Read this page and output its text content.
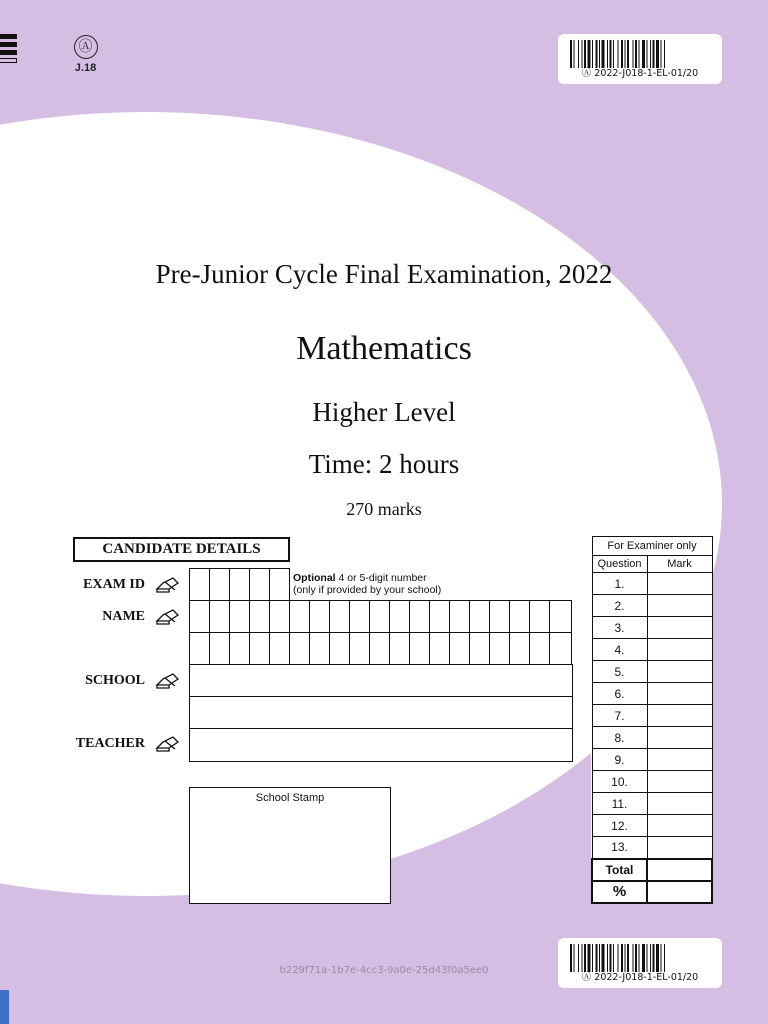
Ⓐ
J.18	Ⓐ 2022-J018-1-EL-01/20
Pre-Junior Cycle Final Examination, 2022
Mathematics
Higher Level
Time: 2 hours
270 marks
CANDIDATE DETAILS
EXAM ID
NAME
SCHOOL
TEACHER

Optional 4 or 5-digit number
(only if provided by your school)

School Stamp
For Examiner only	
Question	Mark
1.	
2.	
3.	
4.	
5.	
6.	
7.	
8.	
9.	
10.	
11.	
12.	
13.	
Total	
%	
Ⓐ 2022-J018-1-EL-01/20
b229f71a-1b7e-4cc3-9a0e-25d43f0a5ee0
